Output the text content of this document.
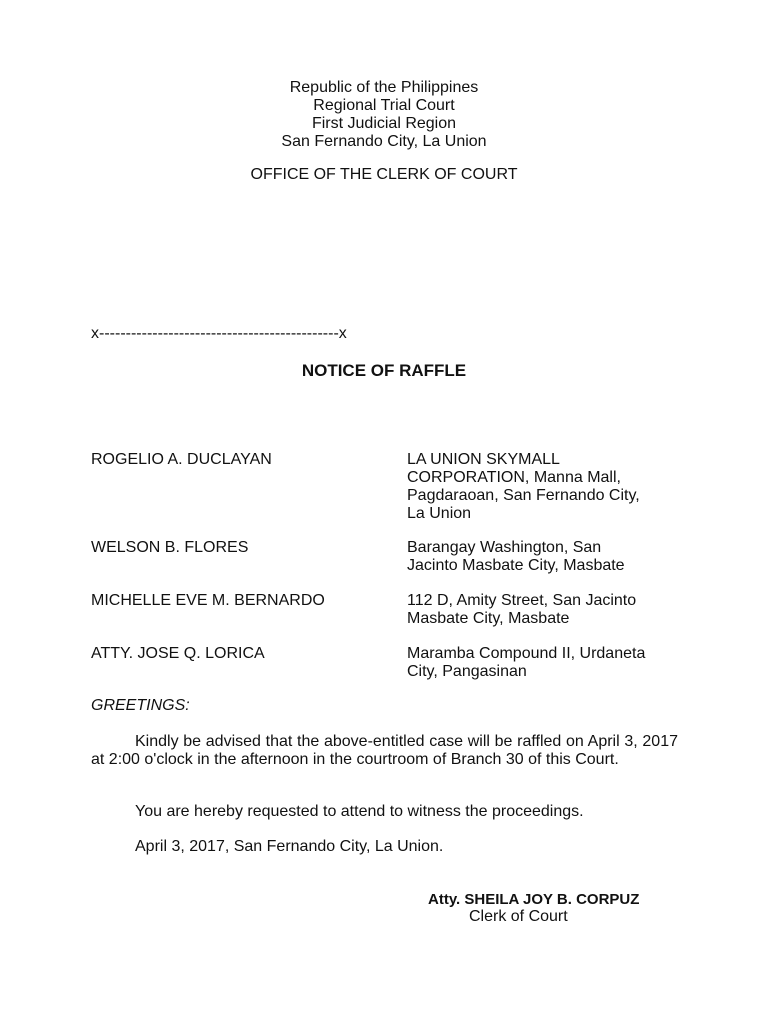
Republic of the Philippines
Regional Trial Court
First Judicial Region
San Fernando City, La Union
OFFICE OF THE CLERK OF COURT
x---------------------------------------------x
NOTICE OF RAFFLE
ROGELIO A. DUCLAYAN	LA UNION SKYMALL
CORPORATION, Manna Mall,
Pagdaraoan, San Fernando City,
La Union
WELSON B. FLORES	Barangay Washington, San
Jacinto Masbate City, Masbate
MICHELLE EVE M. BERNARDO	112 D, Amity Street, San Jacinto
Masbate City, Masbate
ATTY. JOSE Q. LORICA	Maramba Compound II, Urdaneta
City, Pangasinan
GREETINGS:
Kindly be advised that the above-entitled case will be raffled on April 3, 2017 at 2:00 o'clock in the afternoon in the courtroom of Branch 30 of this Court.
You are hereby requested to attend to witness the proceedings.
April 3, 2017, San Fernando City, La Union.
Atty. SHEILA JOY B. CORPUZ
Clerk of Court
